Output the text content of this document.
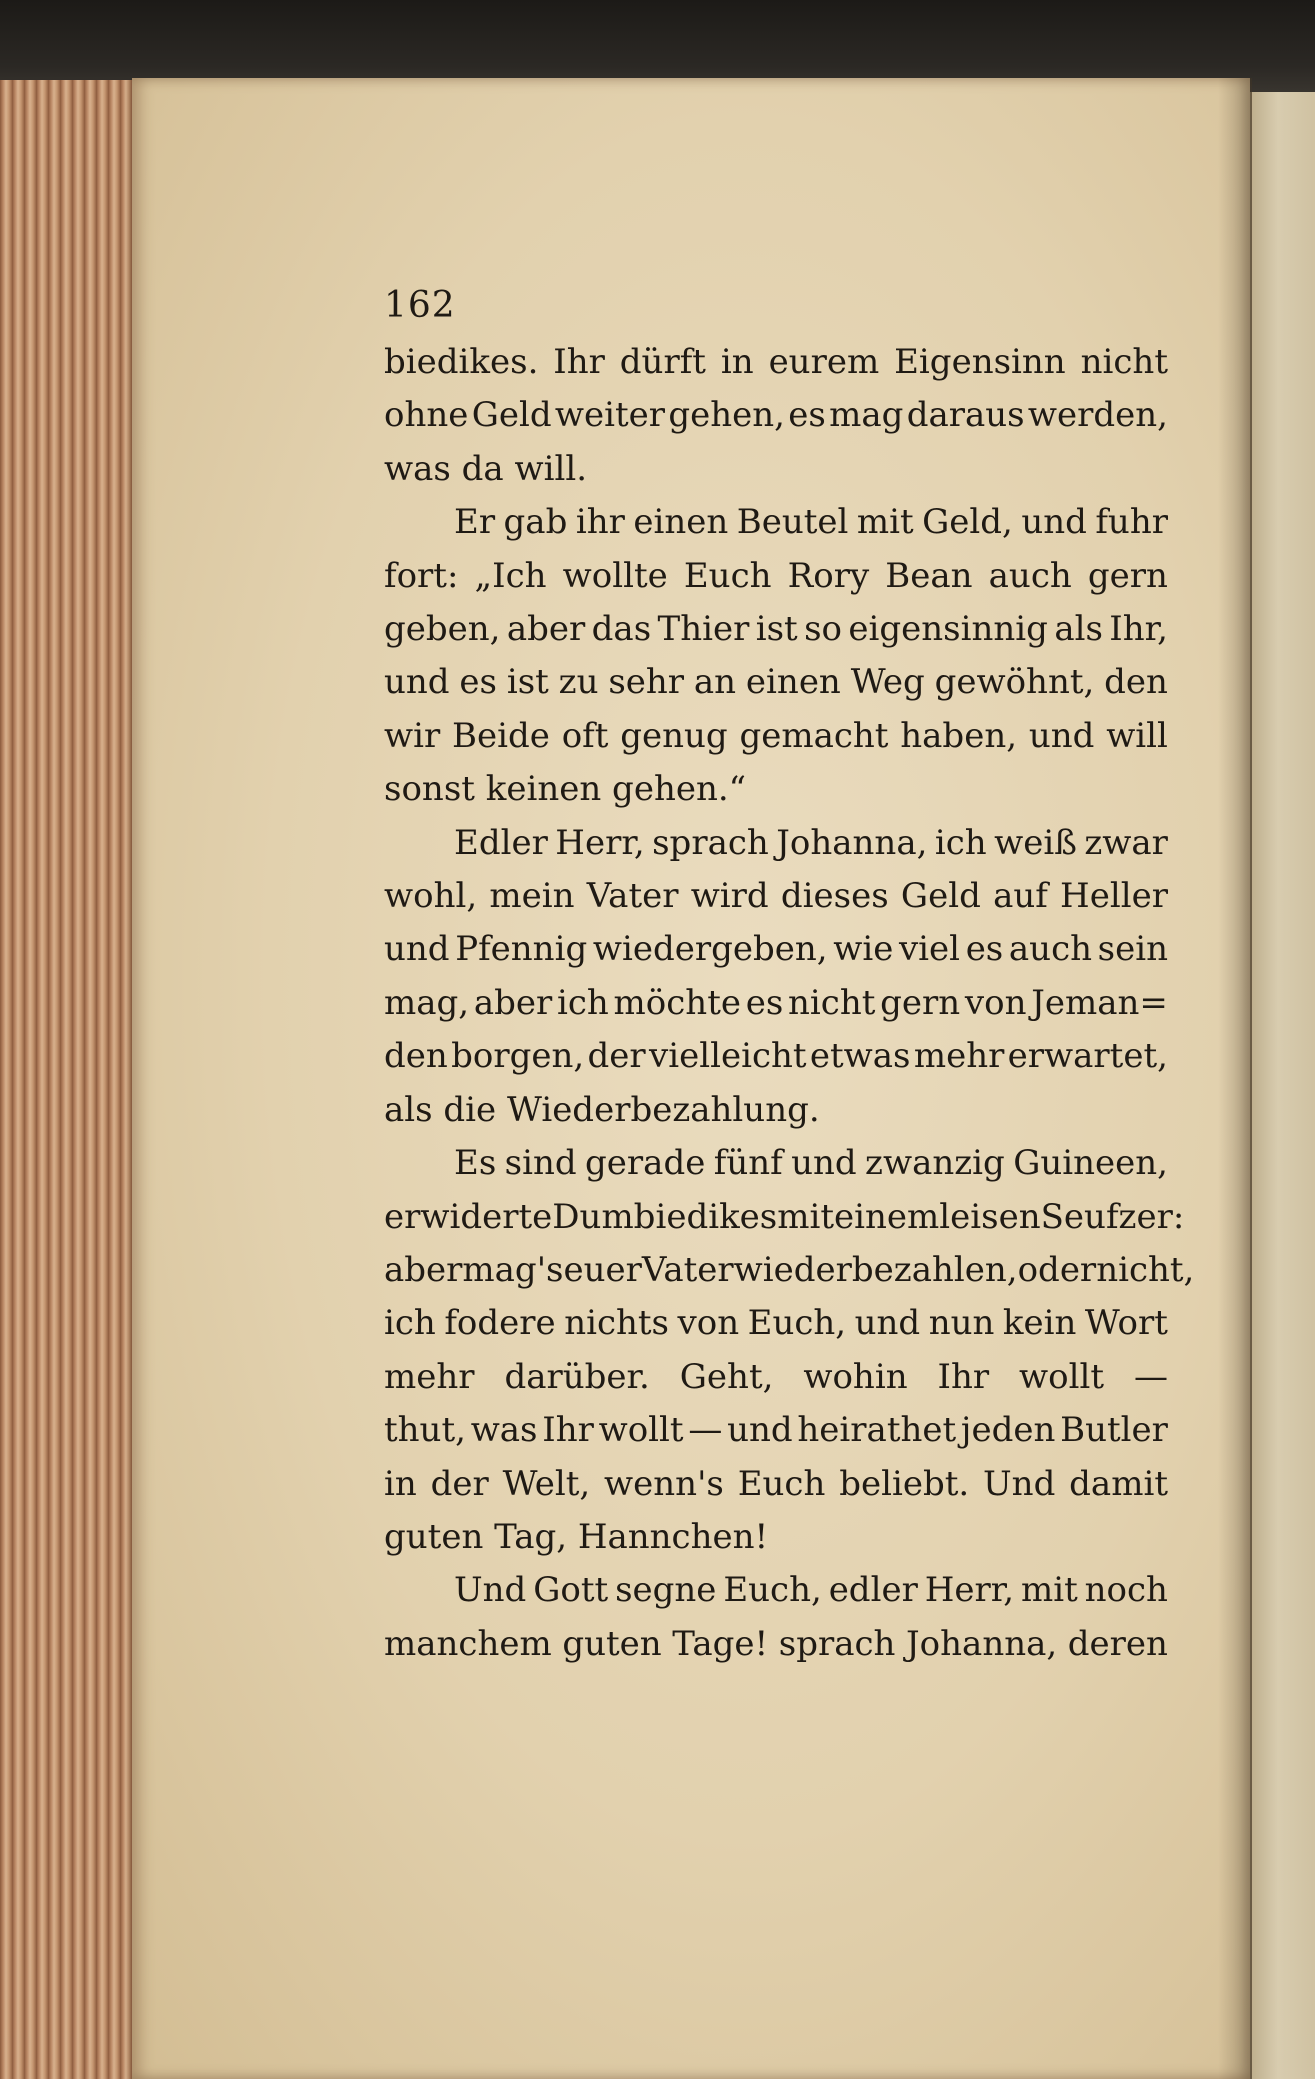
162
biedikes. Ihr dürft in eurem Eigensinn nicht
ohne Geld weiter gehen, es mag daraus werden,
was da will.
Er gab ihr einen Beutel mit Geld, und fuhr
fort: „Ich wollte Euch Rory Bean auch gern
geben, aber das Thier ist so eigensinnig als Ihr,
und es ist zu sehr an einen Weg gewöhnt, den
wir Beide oft genug gemacht haben, und will
sonst keinen gehen.“
Edler Herr, sprach Johanna, ich weiß zwar
wohl, mein Vater wird dieses Geld auf Heller
und Pfennig wiedergeben, wie viel es auch sein
mag, aber ich möchte es nicht gern von Jeman=
den borgen, der vielleicht etwas mehr erwartet,
als die Wiederbezahlung.
Es sind gerade fünf und zwanzig Guineen,
erwiderte Dumbiedikes mit einem leisen Seufzer:
aber mag's euer Vater wieder bezahlen, oder nicht,
ich fodere nichts von Euch, und nun kein Wort
mehr darüber. Geht, wohin Ihr wollt —
thut, was Ihr wollt — und heirathet jeden Butler
in der Welt, wenn's Euch beliebt. Und damit
guten Tag, Hannchen!
Und Gott segne Euch, edler Herr, mit noch
manchem guten Tage! sprach Johanna, deren
